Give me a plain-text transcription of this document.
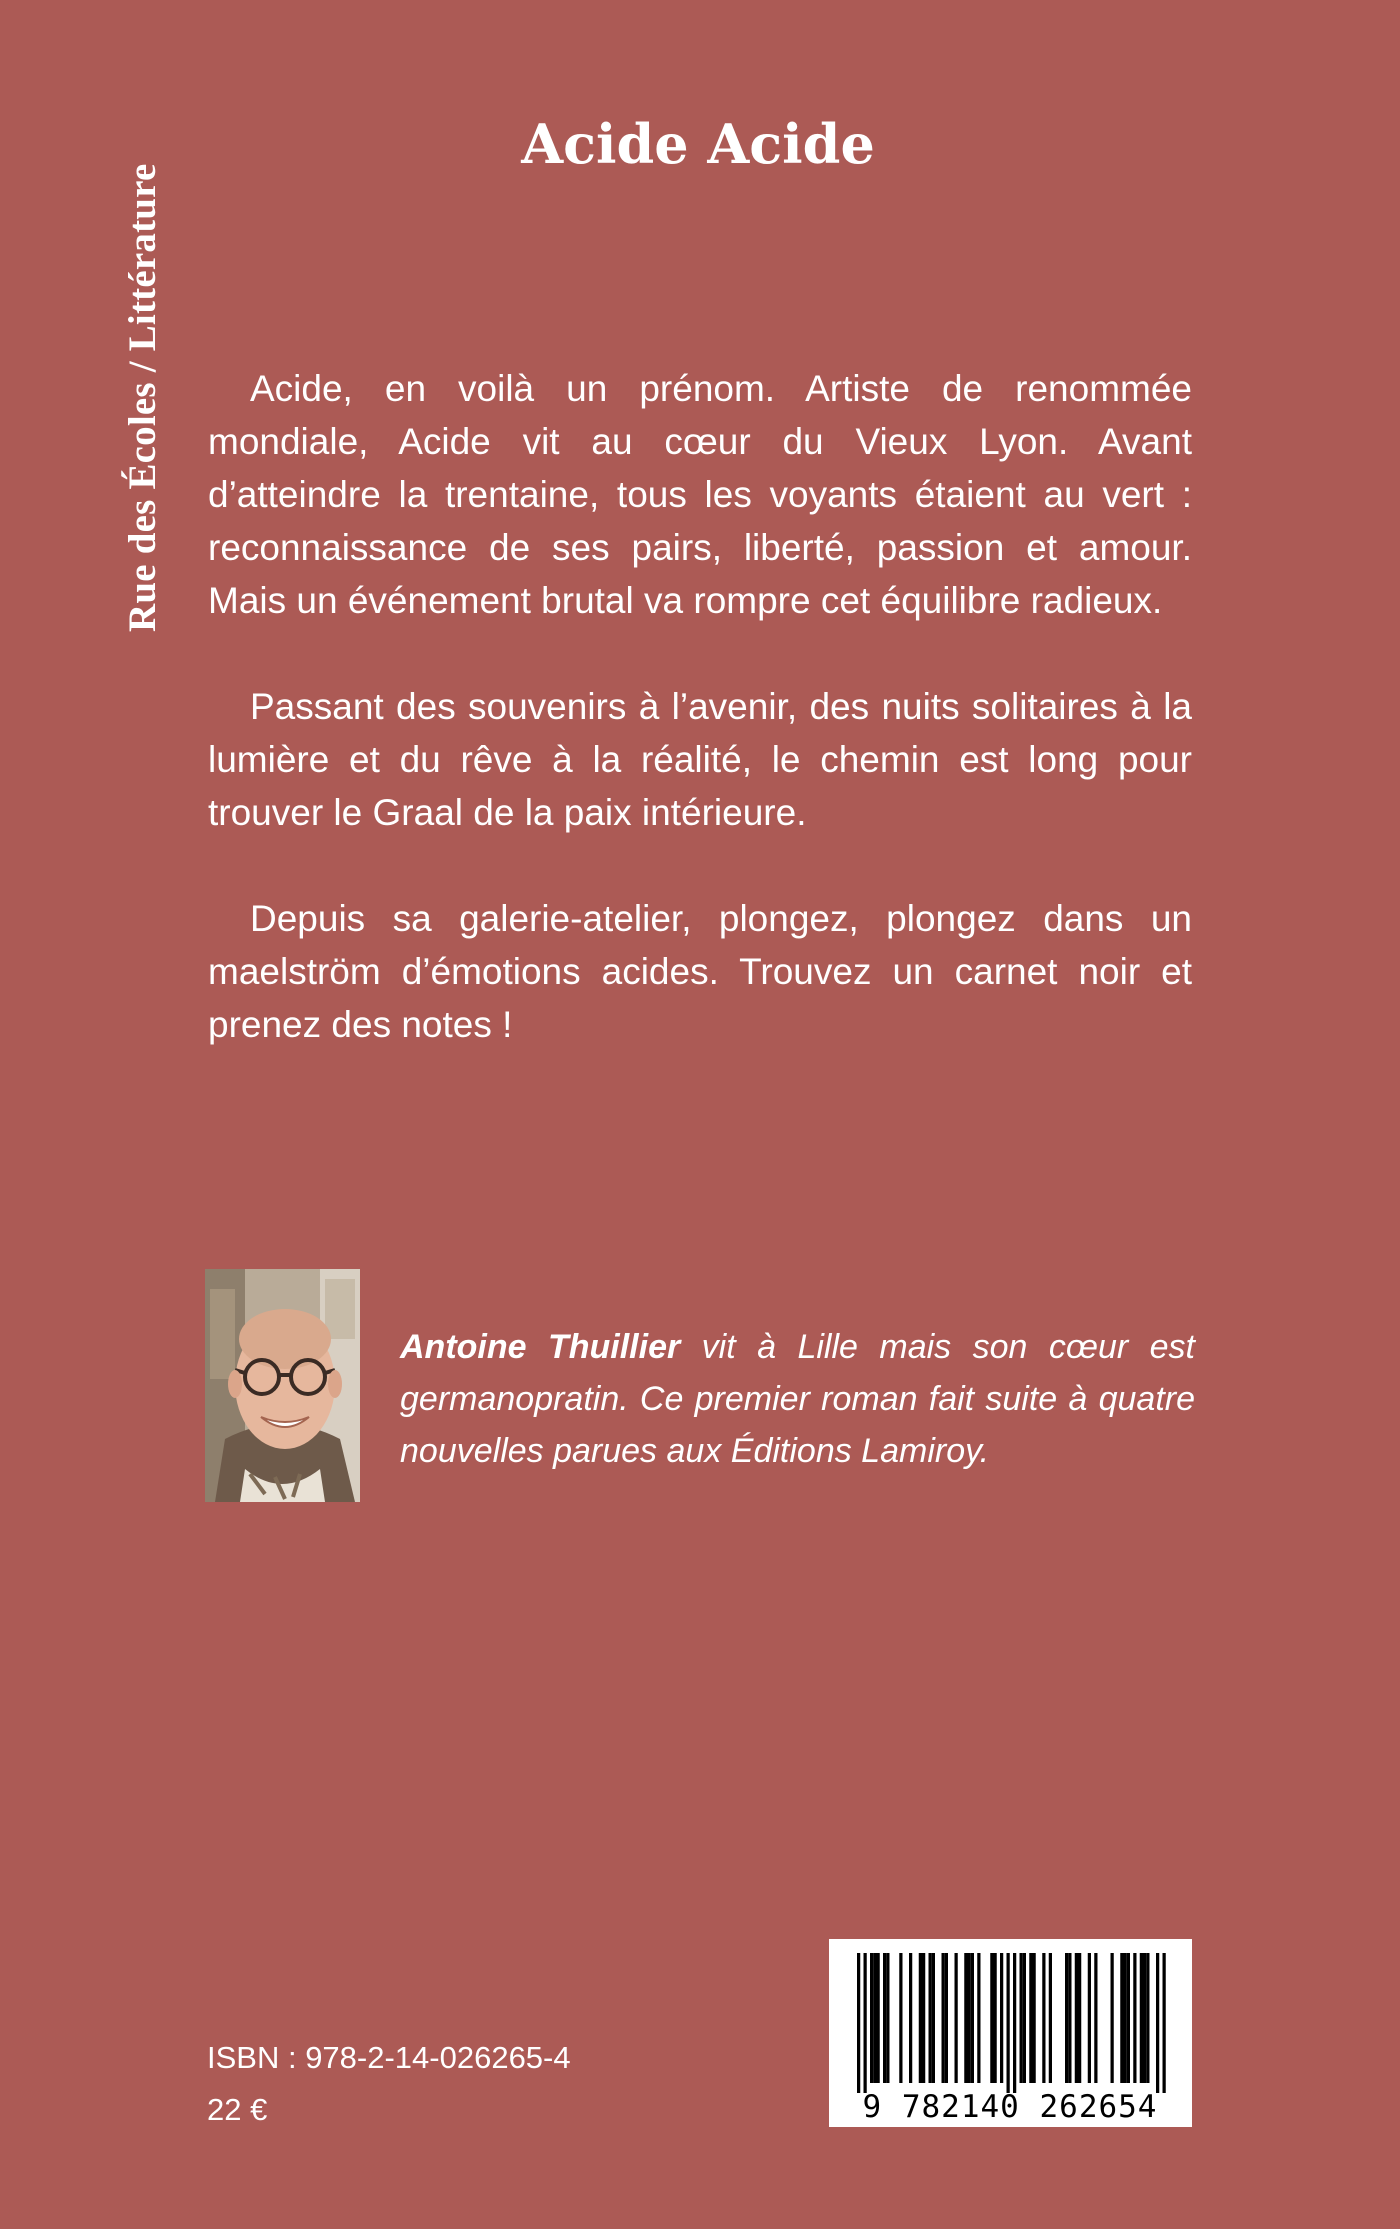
Rue des Écoles / Littérature
Acide Acide

Acide, en voilà un prénom. Artiste de renommée mondiale, Acide vit au cœur du Vieux Lyon. Avant d’atteindre la trentaine, tous les voyants étaient au vert : reconnaissance de ses pairs, liberté, passion et amour. Mais un événement brutal va rompre cet équilibre radieux.

Passant des souvenirs à l’avenir, des nuits solitaires à la lumière et du rêve à la réalité, le chemin est long pour trouver le Graal de la paix intérieure.

Depuis sa galerie-atelier, plongez, plongez dans un maelström d’émotions acides. Trouvez un carnet noir et prenez des notes !

Antoine Thuillier vit à Lille mais son cœur est germanopratin. Ce premier roman fait suite à quatre nouvelles parues aux Éditions Lamiroy.

ISBN : 978-2-14-026265-4

22 €	9 782140 262654
